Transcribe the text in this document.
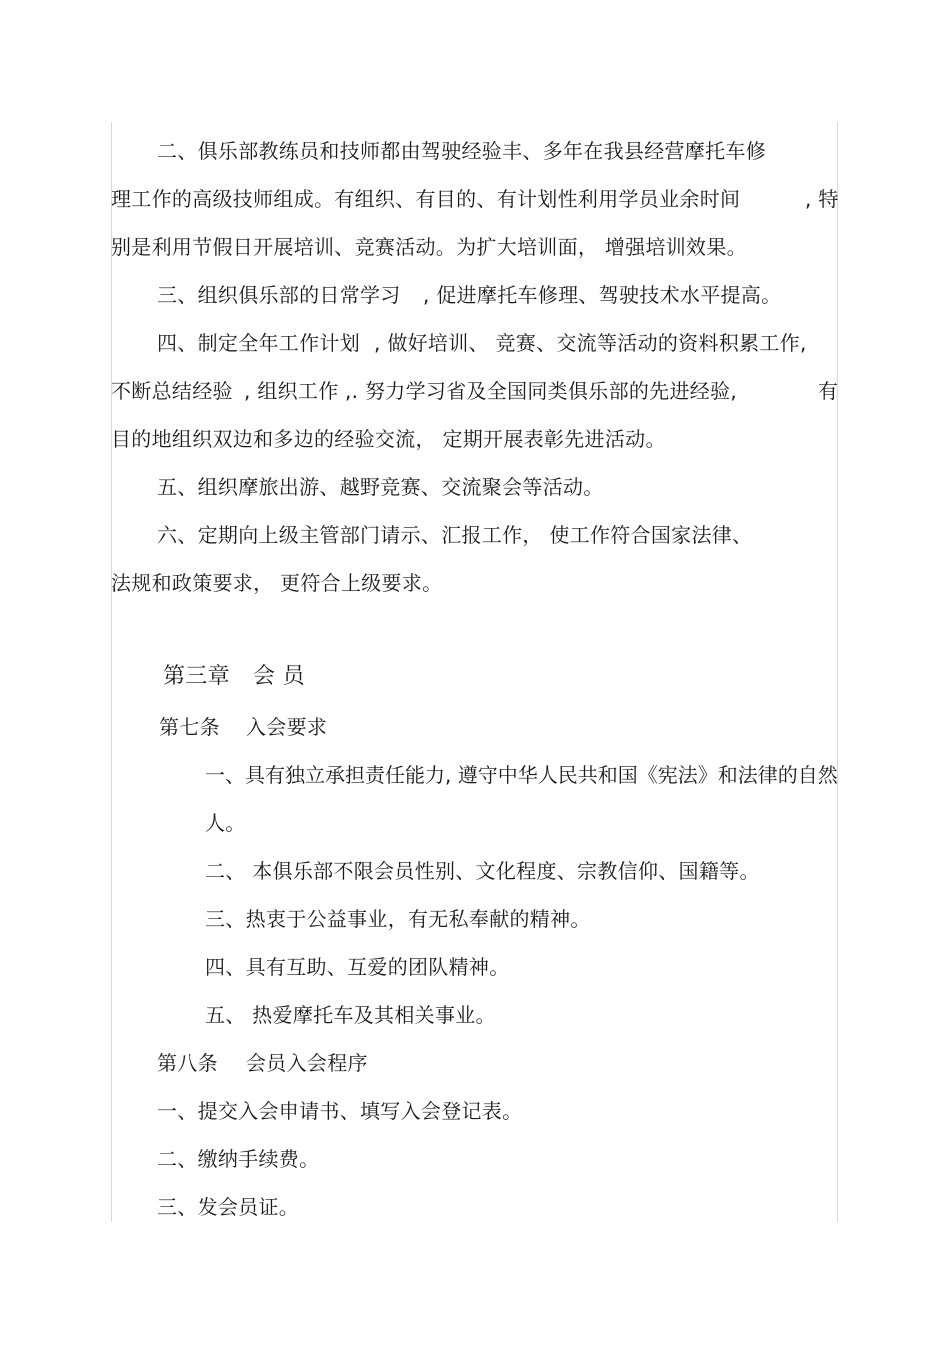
二、俱乐部教练员和技师都由驾驶经验丰、多年在我县经营摩托车修
理工作的高级技师组成。有组织、有目的、有计划性利用学员业余时间	, 特
别是利用节假日开展培训、竞赛活动。为扩大培训面， 增强培训效果。
三、组织俱乐部的日常学习 , 促进摩托车修理、驾驶技术水平提高。
四、制定全年工作计划 , 做好培训、 竞赛、交流等活动的资料积累工作,
不断总结经验 , 组织工作 ,. 努力学习省及全国同类俱乐部的先进经验,	有
目的地组织双边和多边的经验交流， 定期开展表彰先进活动。
五、组织摩旅出游、越野竞赛、交流聚会等活动。
六、定期向上级主管部门请示、汇报工作， 使工作符合国家法律、
法规和政策要求， 更符合上级要求。
第三章 会 员
第七条 入会要求
一、具有独立承担责任能力, 遵守中华人民共和国《宪法》和法律的自然
人。
二、 本俱乐部不限会员性别、文化程度、宗教信仰、国籍等。
三、热衷于公益事业，有无私奉献的精神。
四、具有互助、互爱的团队精神。
五、 热爱摩托车及其相关事业。
第八条 会员入会程序
一、提交入会申请书、填写入会登记表。
二、缴纳手续费。
三、发会员证。
